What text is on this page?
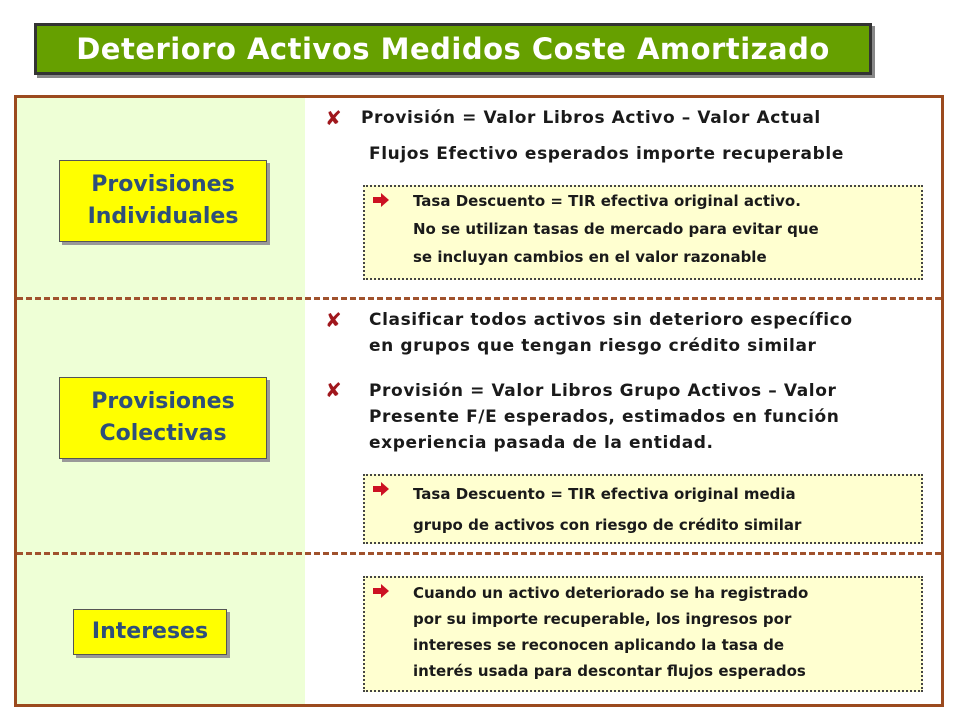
Deterioro Activos Medidos Coste Amortizado
Provisiones
Individuales
✘ Provisión = Valor Libros Activo – Valor Actual
Flujos Efectivo esperados importe recuperable
Tasa Descuento = TIR efectiva original activo.
No se utilizan tasas de mercado para evitar que
se incluyan cambios en el valor razonable
Provisiones
Colectivas
✘ Clasificar todos activos sin deterioro específico
en grupos que tengan riesgo crédito similar
✘ Provisión = Valor Libros Grupo Activos – Valor
Presente F/E esperados, estimados en función
experiencia pasada de la entidad.
Tasa Descuento = TIR efectiva original media
grupo de activos con riesgo de crédito similar
Intereses
Cuando un activo deteriorado se ha registrado
por su importe recuperable, los ingresos por
intereses se reconocen aplicando la tasa de
interés usada para descontar flujos esperados
